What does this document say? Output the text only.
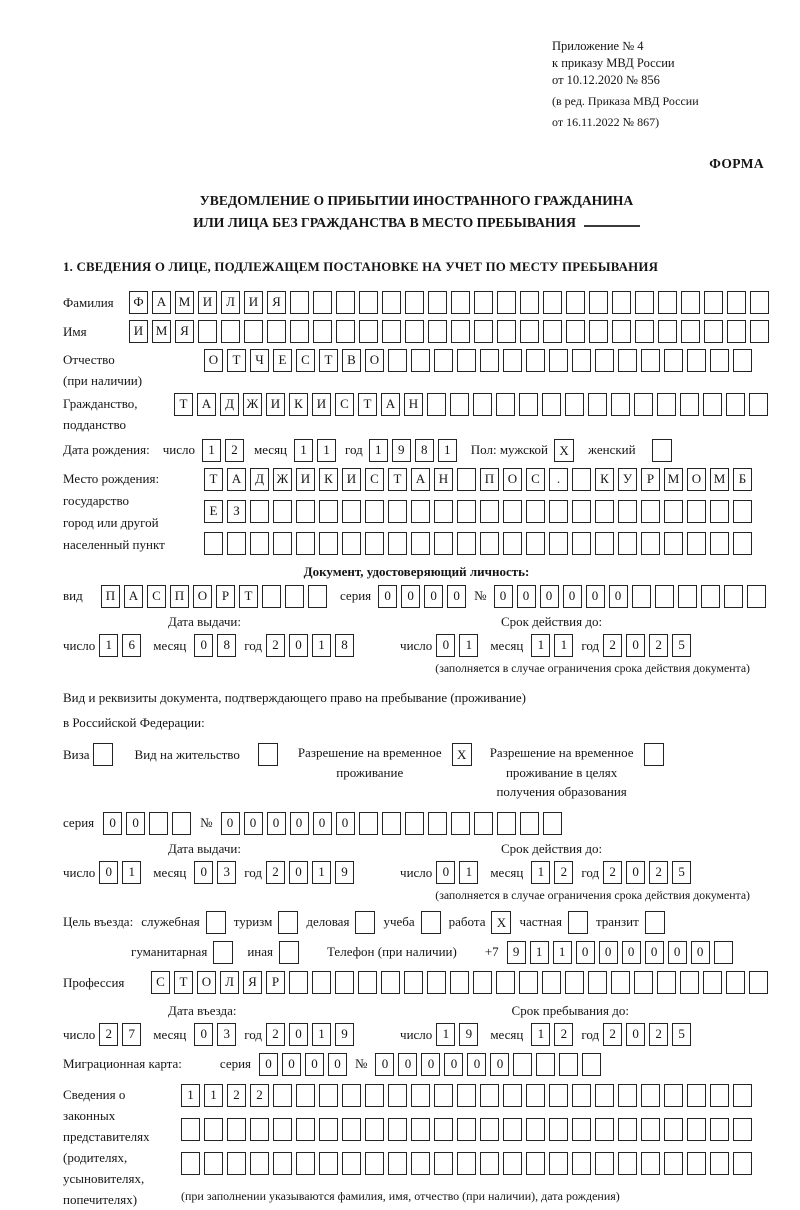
Приложение № 4
к приказу МВД России
от 10.12.2020 № 856
(в ред. Приказа МВД России
от 16.11.2022 № 867)
ФОРМА
УВЕДОМЛЕНИЕ О ПРИБЫТИИ ИНОСТРАННОГО ГРАЖДАНИНА
ИЛИ ЛИЦА БЕЗ ГРАЖДАНСТВА В МЕСТО ПРЕБЫВАНИЯ
1. СВЕДЕНИЯ О ЛИЦЕ, ПОДЛЕЖАЩЕМ ПОСТАНОВКЕ НА УЧЕТ ПО МЕСТУ ПРЕБЫВАНИЯ
Фамилия	Ф	А М И	Л	И	Я
Имя	И М Я
Отчество
(при наличии)
О	Т	Ч	Е	С	Т	В	О
Гражданство,
подданство
Т	А	Д Ж И	К	И	С	Т	А	Н
Дата рождения: число	1	2	месяц	1	1	год 1	9	8	1	Пол: мужской X	женский
Место рождения:
государство
город или другой
населенный пункт
Т	А	Д Ж И	К	И	С	Т	А	Н	П	О	С	.	К	У	Р	М О М	Б
Е	З
Документ, удостоверяющий личность:
вид	П	А	С	П	О	Р	Т	серия	0	0	0	0	№	0	0	0	0	0	0
Дата выдачи:	Срок действия до:
число 1	6	месяц	0	8	год 2	0	1	8	число 0	1	месяц	1	1	год 2	0	2	5
(заполняется в случае ограничения срока действия документа)
Вид и реквизиты документа, подтверждающего право на пребывание (проживание)
в Российской Федерации:
Виза	Вид на жительство	Разрешение на временное
проживание
X	Разрешение на временное
проживание в целях
получения образования
серия	0	0	№	0	0	0	0	0	0
Дата выдачи:	Срок действия до:
число 0	1	месяц	0	3	год 2	0	1	9	число 0	1	месяц	1	2	год 2	0	2	5
(заполняется в случае ограничения срока действия документа)
Цель въезда: служебная	туризм	деловая	учеба	работа X	частная	транзит
гуманитарная	иная	Телефон (при наличии) +7	9	1	1	0	0	0	0	0	0
Профессия	С	Т	О	Л	Я	Р
Дата въезда:	Срок пребывания до:
число 2	7	месяц	0	3	год 2	0	1	9	число 1	9	месяц	1	2	год 2	0	2	5
Миграционная карта:	серия	0	0	0	0	№	0	0	0	0	0	0
Сведения о
законных
представителях
(родителях,
усыновителях,
попечителях)
1	1	2	2
(при заполнении указываются фамилия, имя, отчество (при наличии), дата рождения)
